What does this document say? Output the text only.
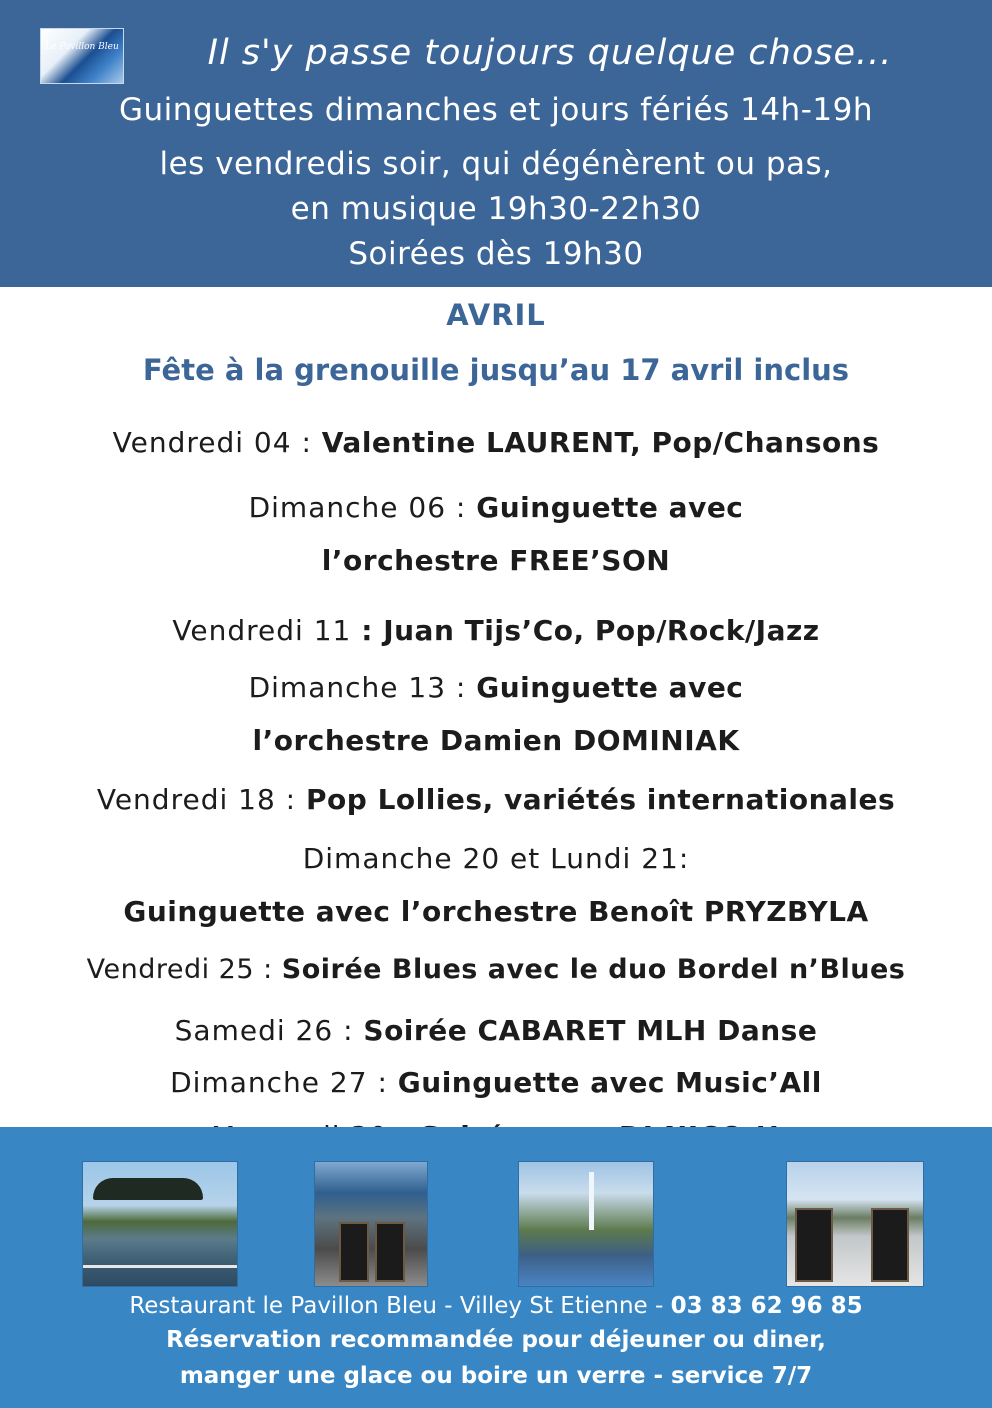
Le Pavillon Bleu	Il s'y passe toujours quelque chose...
Guinguettes dimanches et jours fériés 14h-19h
les vendredis soir, qui dégénèrent ou pas,
en musique 19h30-22h30
Soirées dès 19h30
AVRIL
Fête à la grenouille jusqu’au 17 avril inclus
Vendredi 04 : Valentine LAURENT, Pop/Chansons
Dimanche 06 : Guinguette avec
l’orchestre FREE’SON
Vendredi 11 : Juan Tijs’Co, Pop/Rock/Jazz
Dimanche 13 : Guinguette avec
l’orchestre Damien DOMINIAK
Vendredi 18 : Pop Lollies, variétés internationales
Dimanche 20 et Lundi 21:
Guinguette avec l’orchestre Benoît PRYZBYLA
Vendredi 25 : Soirée Blues avec le duo Bordel n’Blues
Samedi 26 : Soirée CABARET MLH Danse
Dimanche 27 : Guinguette avec Music’All
Restaurant le Pavillon Bleu - Villey St Etienne - 03 83 62 96 85
Réservation recommandée pour déjeuner ou diner,
manger une glace ou boire un verre - service 7/7
